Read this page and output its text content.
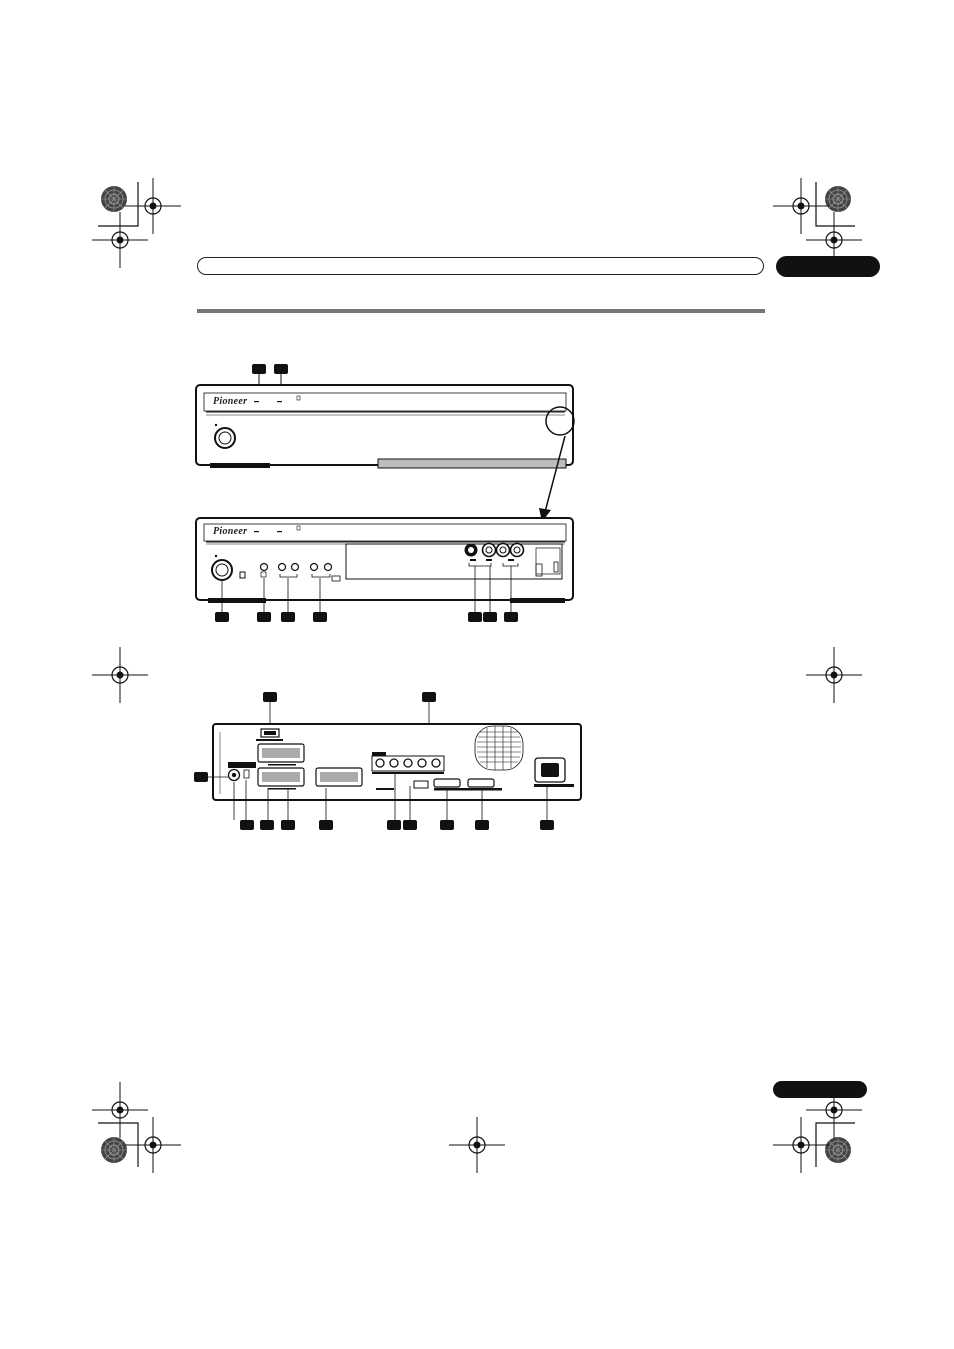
Pioneer
Pioneer
